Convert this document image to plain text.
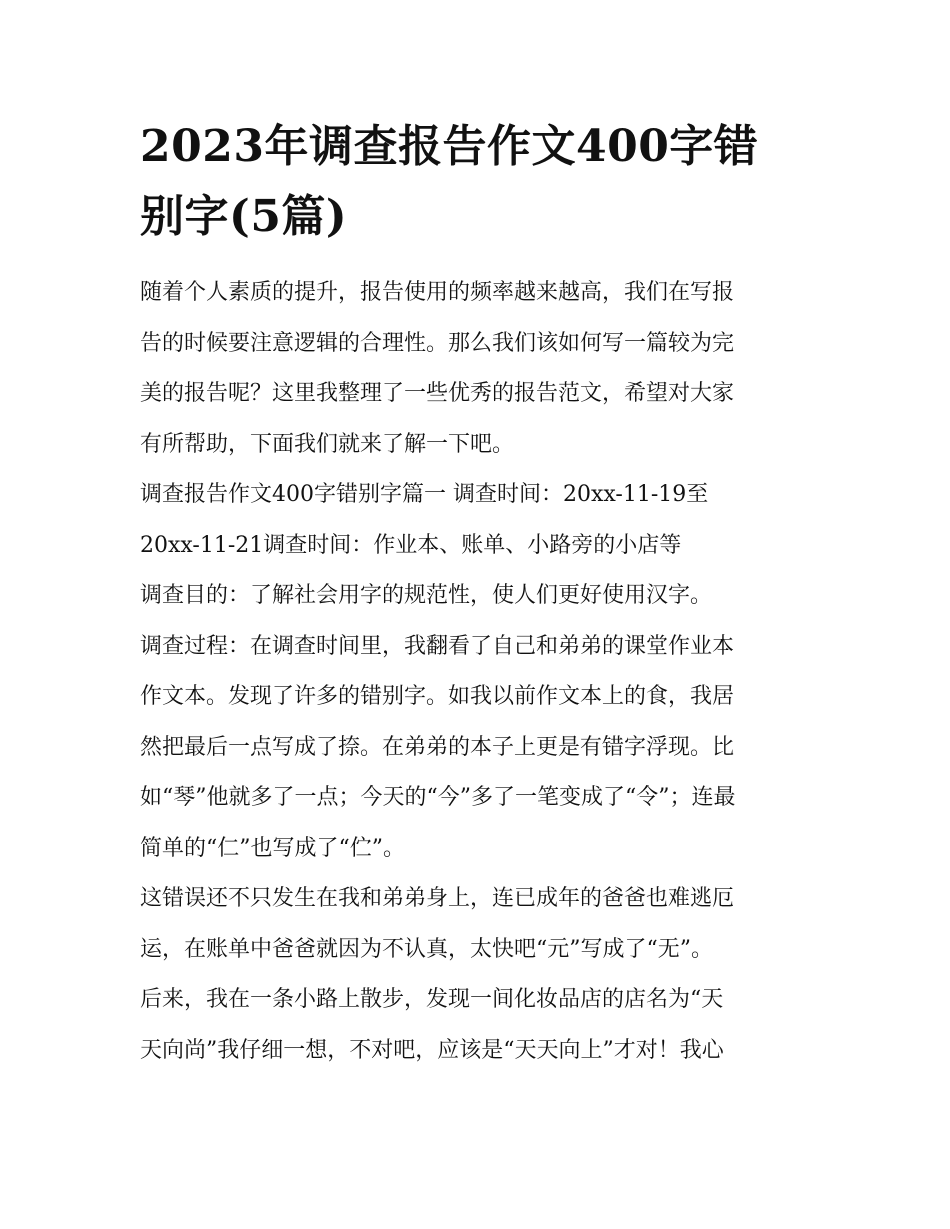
2023年调查报告作文400字错
别字(5篇)

随着个人素质的提升，报告使用的频率越来越高，我们在写报
告的时候要注意逻辑的合理性。那么我们该如何写一篇较为完
美的报告呢？这里我整理了一些优秀的报告范文，希望对大家
有所帮助，下面我们就来了解一下吧。

调查报告作文400字错别字篇一 调查时间：20xx-11-19至
20xx-11-21调查时间：作业本、账单、小路旁的小店等

调查目的：了解社会用字的规范性，使人们更好使用汉字。

调查过程：在调查时间里，我翻看了自己和弟弟的课堂作业本
作文本。发现了许多的错别字。如我以前作文本上的食，我居
然把最后一点写成了捺。在弟弟的本子上更是有错字浮现。比
如“琴”他就多了一点；今天的“今”多了一笔变成了“令”；连最
简单的“仁”也写成了“伫”。

这错误还不只发生在我和弟弟身上，连已成年的爸爸也难逃厄
运，在账单中爸爸就因为不认真，太快吧“元”写成了“无”。

后来，我在一条小路上散步，发现一间化妆品店的店名为“天
天向尚”我仔细一想，不对吧，应该是“天天向上”才对！我心
